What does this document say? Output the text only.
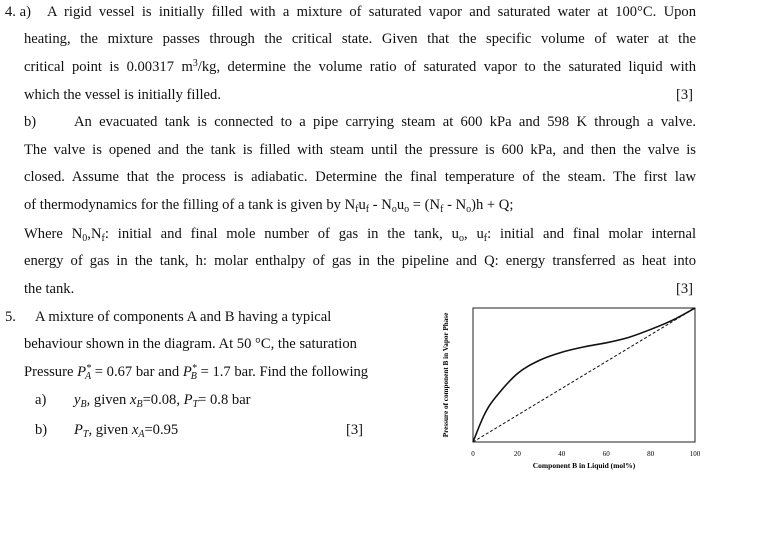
4. a) A rigid vessel is initially filled with a mixture of saturated vapor and saturated water at 100°C. Upon
heating, the mixture passes through the critical state. Given that the specific volume of water at the
critical point is 0.00317 $m^3/kg$, determine the volume ratio of saturated vapor to the saturated liquid with
which the vessel is initially filled.	[3]
b)	An evacuated tank is connected to a pipe carrying steam at 600 kPa and 598 K through a valve.
The valve is opened and the tank is filled with steam until the pressure is 600 kPa, and then the valve is
closed. Assume that the process is adiabatic. Determine the final temperature of the steam. The first law
of thermodynamics for the filling of a tank is given by $N_fu_f - N_ou_o = (N_f - N_o)h + Q$;
Where $N_0,N_f$: initial and final mole number of gas in the tank, $u_o$, $u_f$: initial and final molar internal
energy of gas in the tank, h: molar enthalpy of gas in the pipeline and Q: energy transferred as heat into
the tank.	[3]
5. A mixture of components A and B having a typical
behaviour shown in the diagram. At 50 °C, the saturation
Pressure $P^*_A = 0.67$ bar and $P^*_B = 1.7$ bar. Find the following
a) $y_B$, given $x_B=0.08$, $P_T= 0.8$ bar
b) $P_T$, given $x_A=0.95$	[3]
0	20	40	60	80	100
Pressure of component B in Vapor Phase
Component B in Liquid (mol%)
